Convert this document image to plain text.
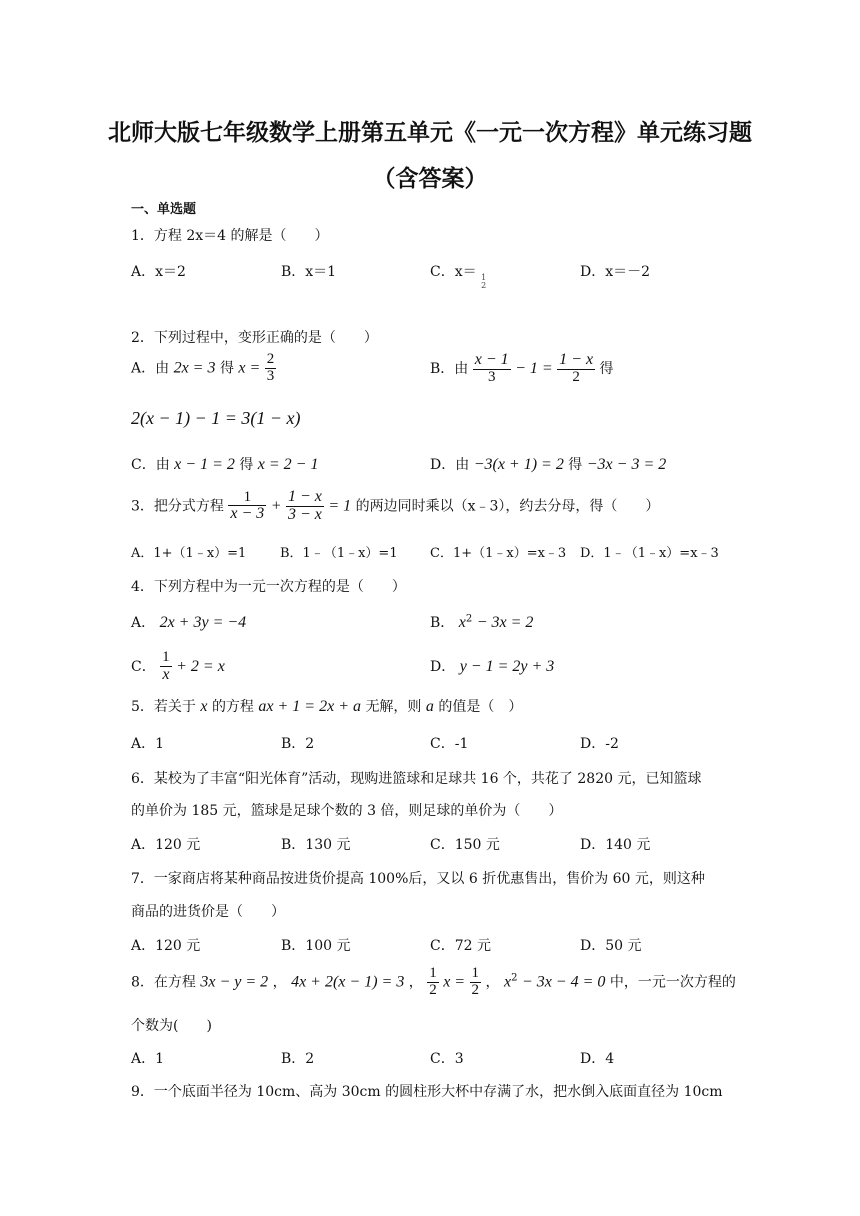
北师大版七年级数学上册第五单元《一元一次方程》单元练习题
（含答案）
一、单选题
1．方程 2x＝4 的解是（　　）
A．x＝2	B．x＝1	C．x＝ 1
2
D．x＝－2
2．下列过程中，变形正确的是（　　）
A．由 2x = 3 得 $x = \frac{2}{3}$	B．由 $\frac{x - 1}{3} - 1 = \frac{1 - x}{2}$ 得
2(x − 1) − 1 = 3(1 − x)
C．由 x − 1 = 2 得 x = 2 − 1	D．由 −3(x + 1) = 2 得 −3x − 3 = 2
3．把分式方程 $\frac{1}{x - 3} + \frac{1 - x}{3 - x} = 1$ 的两边同时乘以（x﹣3），约去分母，得（　　）
A．1+（1﹣x）=1	B．1﹣（1﹣x）=1 C．1+（1﹣x）=x﹣3 D．1﹣（1﹣x）=x﹣3
4．下列方程中为一元一次方程的是（　　）
A． 2x + 3y = −4	B． $x^2 - 3x = 2$
C． $\frac{1}{x} + 2 = x$	D． y − 1 = 2y + 3
5．若关于 x 的方程 ax + 1 = 2x + a 无解，则 a 的值是（　）
A．1	B．2	C．-1	D．-2
6．某校为了丰富“阳光体育”活动，现购进篮球和足球共 16 个，共花了 2820 元，已知篮球
的单价为 185 元，篮球是足球个数的 3 倍，则足球的单价为（　　）
A．120 元	B．130 元	C．150 元	D．140 元
7．一家商店将某种商品按进货价提高 100%后，又以 6 折优惠售出，售价为 60 元，则这种
商品的进货价是（　　）
A．120 元	B．100 元	C．72 元	D．50 元
8．在方程 3x − y = 2 ， 4x + 2(x − 1) = 3 ， $\frac{1}{2}$ $x = \frac{1}{2}$ ， $x^2 - 3x - 4 = 0$ 中，一元一次方程的
个数为(　　)
A．1	B．2	C．3	D．4
9．一个底面半径为 10cm、高为 30cm 的圆柱形大杯中存满了水，把水倒入底面直径为 10cm
